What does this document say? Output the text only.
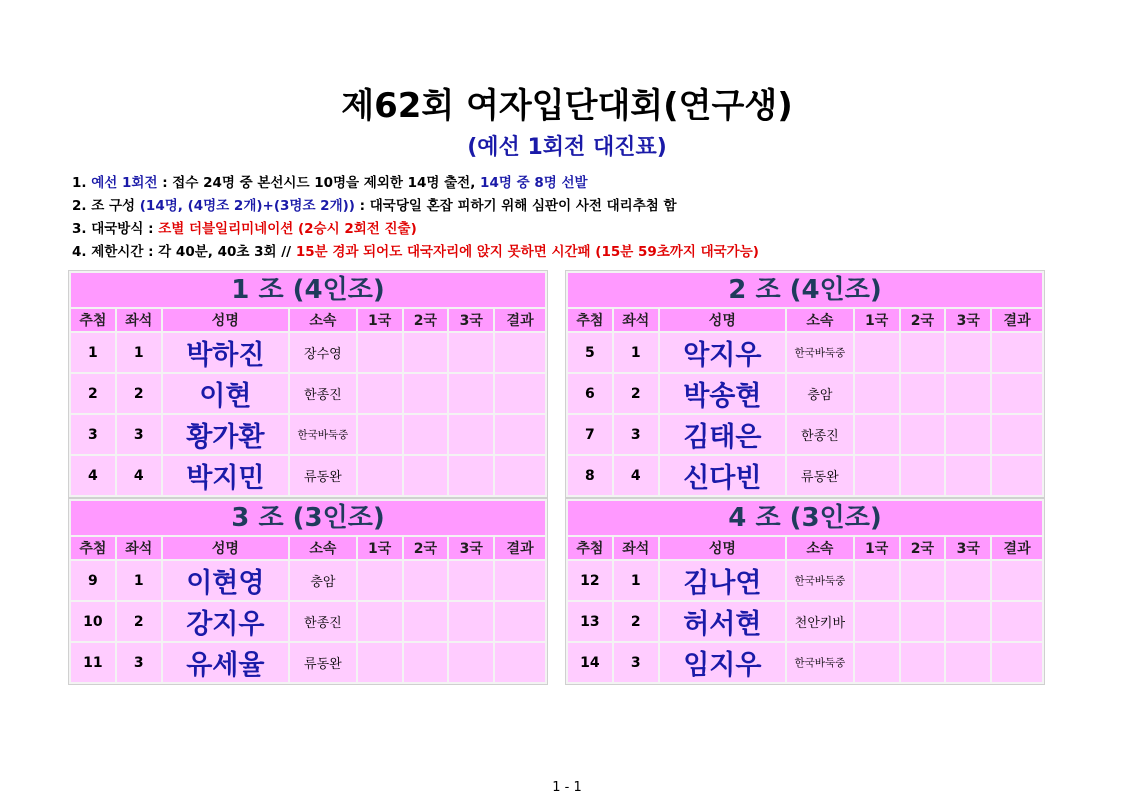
제62회 여자입단대회(연구생)
(예선 1회전 대진표)
1. 예선 1회전 : 접수 24명 중 본선시드 10명을 제외한 14명 출전, 14명 중 8명 선발
2. 조 구성 (14명, (4명조 2개)+(3명조 2개)) : 대국당일 혼잡 피하기 위해 심판이 사전 대리추첨 함
3. 대국방식 : 조별 더블일리미네이션 (2승시 2회전 진출)
4. 제한시간 : 각 40분, 40초 3회 // 15분 경과 되어도 대국자리에 앉지 못하면 시간패 (15분 59초까지 대국가능)
1 조 (4인조)
추첨	좌석	성명	소속	1국	2국	3국	결과
1	1	박하진	장수영				
2	2	이현	한종진				
3	3	황가환	한국바둑중				
4	4	박지민	류동완				
2 조 (4인조)
추첨	좌석	성명	소속	1국	2국	3국	결과
5	1	악지우	한국바둑중				
6	2	박송현	충암				
7	3	김태은	한종진				
8	4	신다빈	류동완				
3 조 (3인조)
추첨	좌석	성명	소속	1국	2국	3국	결과
9	1	이현영	충암				
10	2	강지우	한종진				
11	3	유세율	류동완				
4 조 (3인조)
추첨	좌석	성명	소속	1국	2국	3국	결과
12	1	김나연	한국바둑중				
13	2	허서현	천안키바				
14	3	임지우	한국바둑중				
1 - 1
